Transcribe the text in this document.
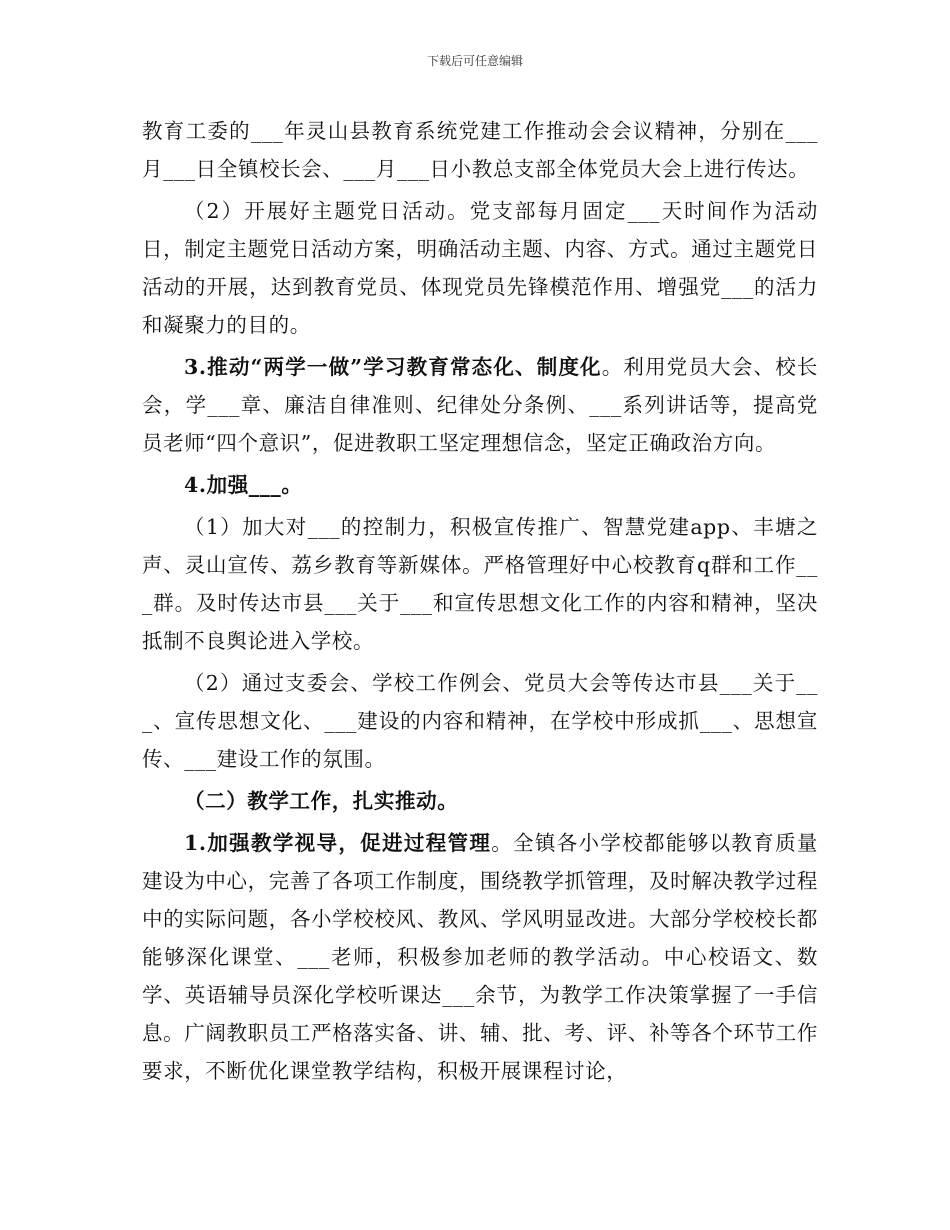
下载后可任意编辑

教育工委的___年灵山县教育系统党建工作推动会会议精神，分别在___月___日全镇校长会、___月___日小教总支部全体党员大会上进行传达。

（2）开展好主题党日活动。党支部每月固定___天时间作为活动日，制定主题党日活动方案，明确活动主题、内容、方式。通过主题党日活动的开展，达到教育党员、体现党员先锋模范作用、增强党___的活力和凝聚力的目的。

3.推动“两学一做”学习教育常态化、制度化。利用党员大会、校长会，学___章、廉洁自律准则、纪律处分条例、___系列讲话等，提高党员老师“四个意识”，促进教职工坚定理想信念，坚定正确政治方向。

4.加强___。

（1）加大对___的控制力，积极宣传推广、智慧党建app、丰塘之声、灵山宣传、荔乡教育等新媒体。严格管理好中心校教育q群和工作___群。及时传达市县___关于___和宣传思想文化工作的内容和精神，坚决抵制不良舆论进入学校。

（2）通过支委会、学校工作例会、党员大会等传达市县___关于___、宣传思想文化、___建设的内容和精神，在学校中形成抓___、思想宣传、___建设工作的氛围。

（二）教学工作，扎实推动。

1.加强教学视导，促进过程管理。全镇各小学校都能够以教育质量建设为中心，完善了各项工作制度，围绕教学抓管理，及时解决教学过程中的实际问题，各小学校校风、教风、学风明显改进。大部分学校校长都能够深化课堂、___老师，积极参加老师的教学活动。中心校语文、数学、英语辅导员深化学校听课达___余节，为教学工作决策掌握了一手信息。广阔教职员工严格落实备、讲、辅、批、考、评、补等各个环节工作要求，不断优化课堂教学结构，积极开展课程讨论，
